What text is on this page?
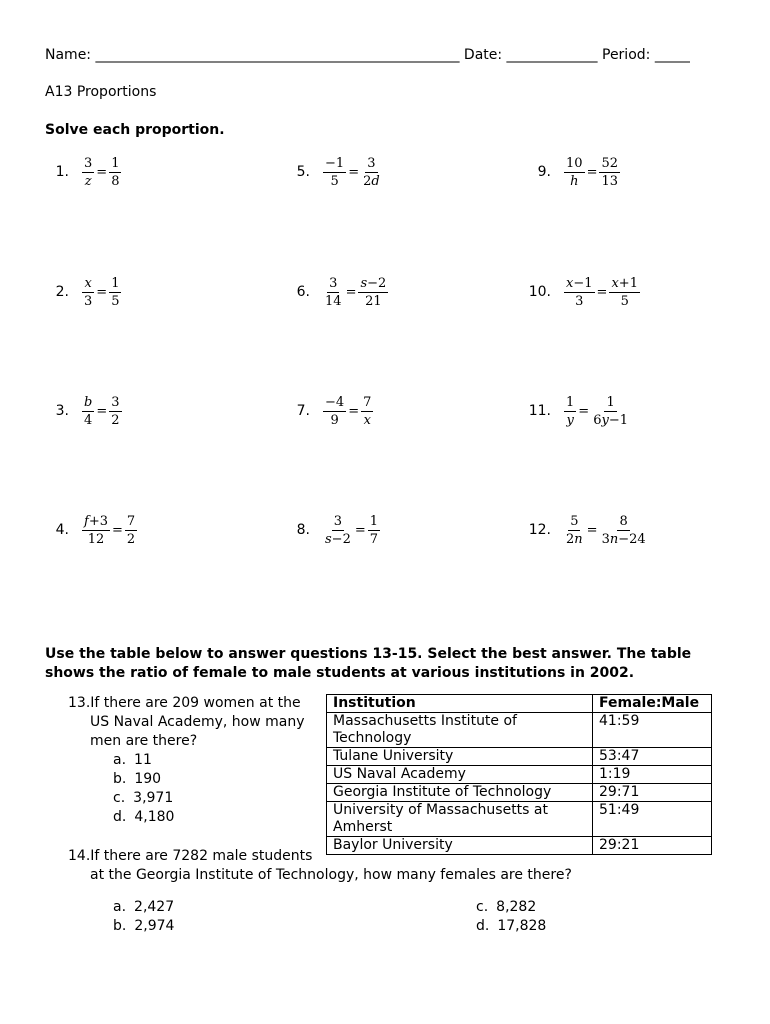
Name: ____________________________________________________ Date: _____________ Period: _____
A13 Proportions
Solve each proportion.
1. $\frac{3}{z} = \frac{1}{8}$
2. $\frac{x}{3} = \frac{1}{5}$
3. $\frac{b}{4} = \frac{3}{2}$
4. $\frac{f+3}{12} = \frac{7}{2}$
5. $\frac{-1}{5} = \frac{3}{2d}$
6. $\frac{3}{14} = \frac{s-2}{21}$
7. $\frac{-4}{9} = \frac{7}{x}$
8. $\frac{3}{s-2} = \frac{1}{7}$
9. $\frac{10}{h} = \frac{52}{13}$
10. $\frac{x-1}{3} = \frac{x+1}{5}$
11. $\frac{1}{y} = \frac{1}{6y-1}$
12. $\frac{5}{2n} = \frac{8}{3n-24}$
Use the table below to answer questions 13-15. Select the best answer. The table shows the ratio of female to male students at various institutions in 2002.
13.If there are 209 women at the
US Naval Academy, how many
men are there?
a. 11
b. 190
c. 3,971
d. 4,180
Institution	Female:Male
Massachusetts Institute of Technology	41:59
Tulane University	53:47
US Naval Academy	1:19
Georgia Institute of Technology	29:71
University of Massachusetts at Amherst	51:49
Baylor University	29:21
14.If there are 7282 male students
at the Georgia Institute of Technology, how many females are there?
a. 2,427
b. 2,974
c. 8,282
d. 17,828
